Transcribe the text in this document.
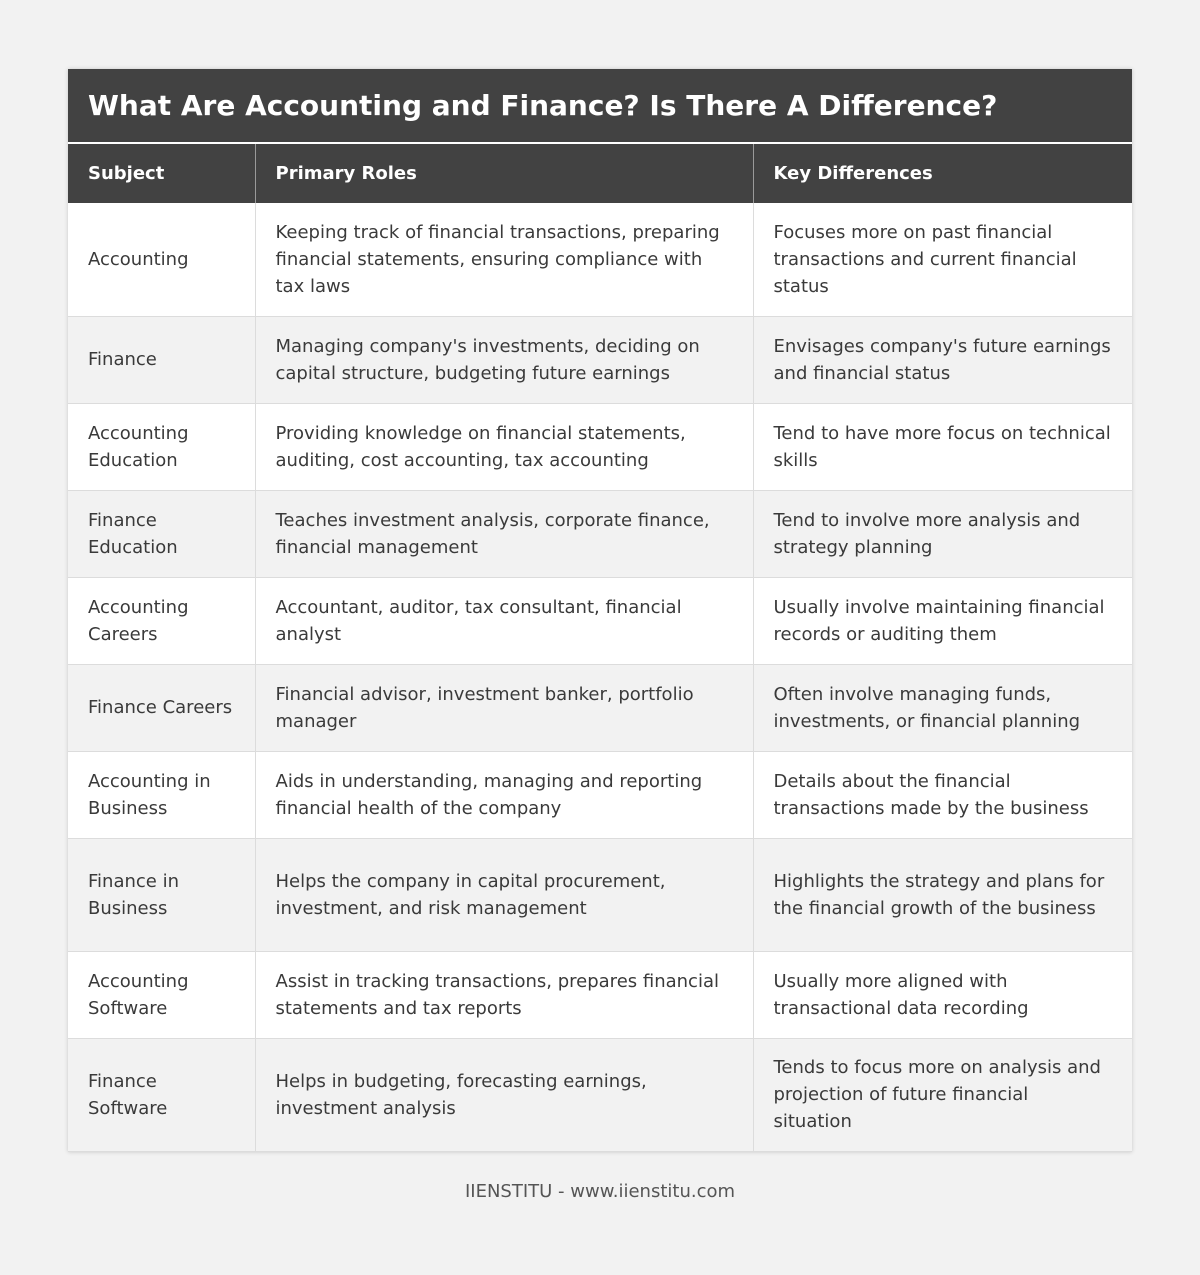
What Are Accounting and Finance? Is There A Difference?
Subject	Primary Roles	Key Differences
Accounting	Keeping track of financial transactions, preparing financial statements, ensuring compliance with tax laws	Focuses more on past financial transactions and current financial status
Finance	Managing company's investments, deciding on capital structure, budgeting future earnings	Envisages company's future earnings and financial status
Accounting Education	Providing knowledge on financial statements, auditing, cost accounting, tax accounting	Tend to have more focus on technical skills
Finance Education	Teaches investment analysis, corporate finance, financial management	Tend to involve more analysis and strategy planning
Accounting Careers	Accountant, auditor, tax consultant, financial analyst	Usually involve maintaining financial records or auditing them
Finance Careers	Financial advisor, investment banker, portfolio manager	Often involve managing funds, investments, or financial planning
Accounting in Business	Aids in understanding, managing and reporting financial health of the company	Details about the financial transactions made by the business
Finance in Business	Helps the company in capital procurement, investment, and risk management	Highlights the strategy and plans for the financial growth of the business
Accounting Software	Assist in tracking transactions, prepares financial statements and tax reports	Usually more aligned with transactional data recording
Finance Software	Helps in budgeting, forecasting earnings, investment analysis	Tends to focus more on analysis and projection of future financial situation
IIENSTITU - www.iienstitu.com
